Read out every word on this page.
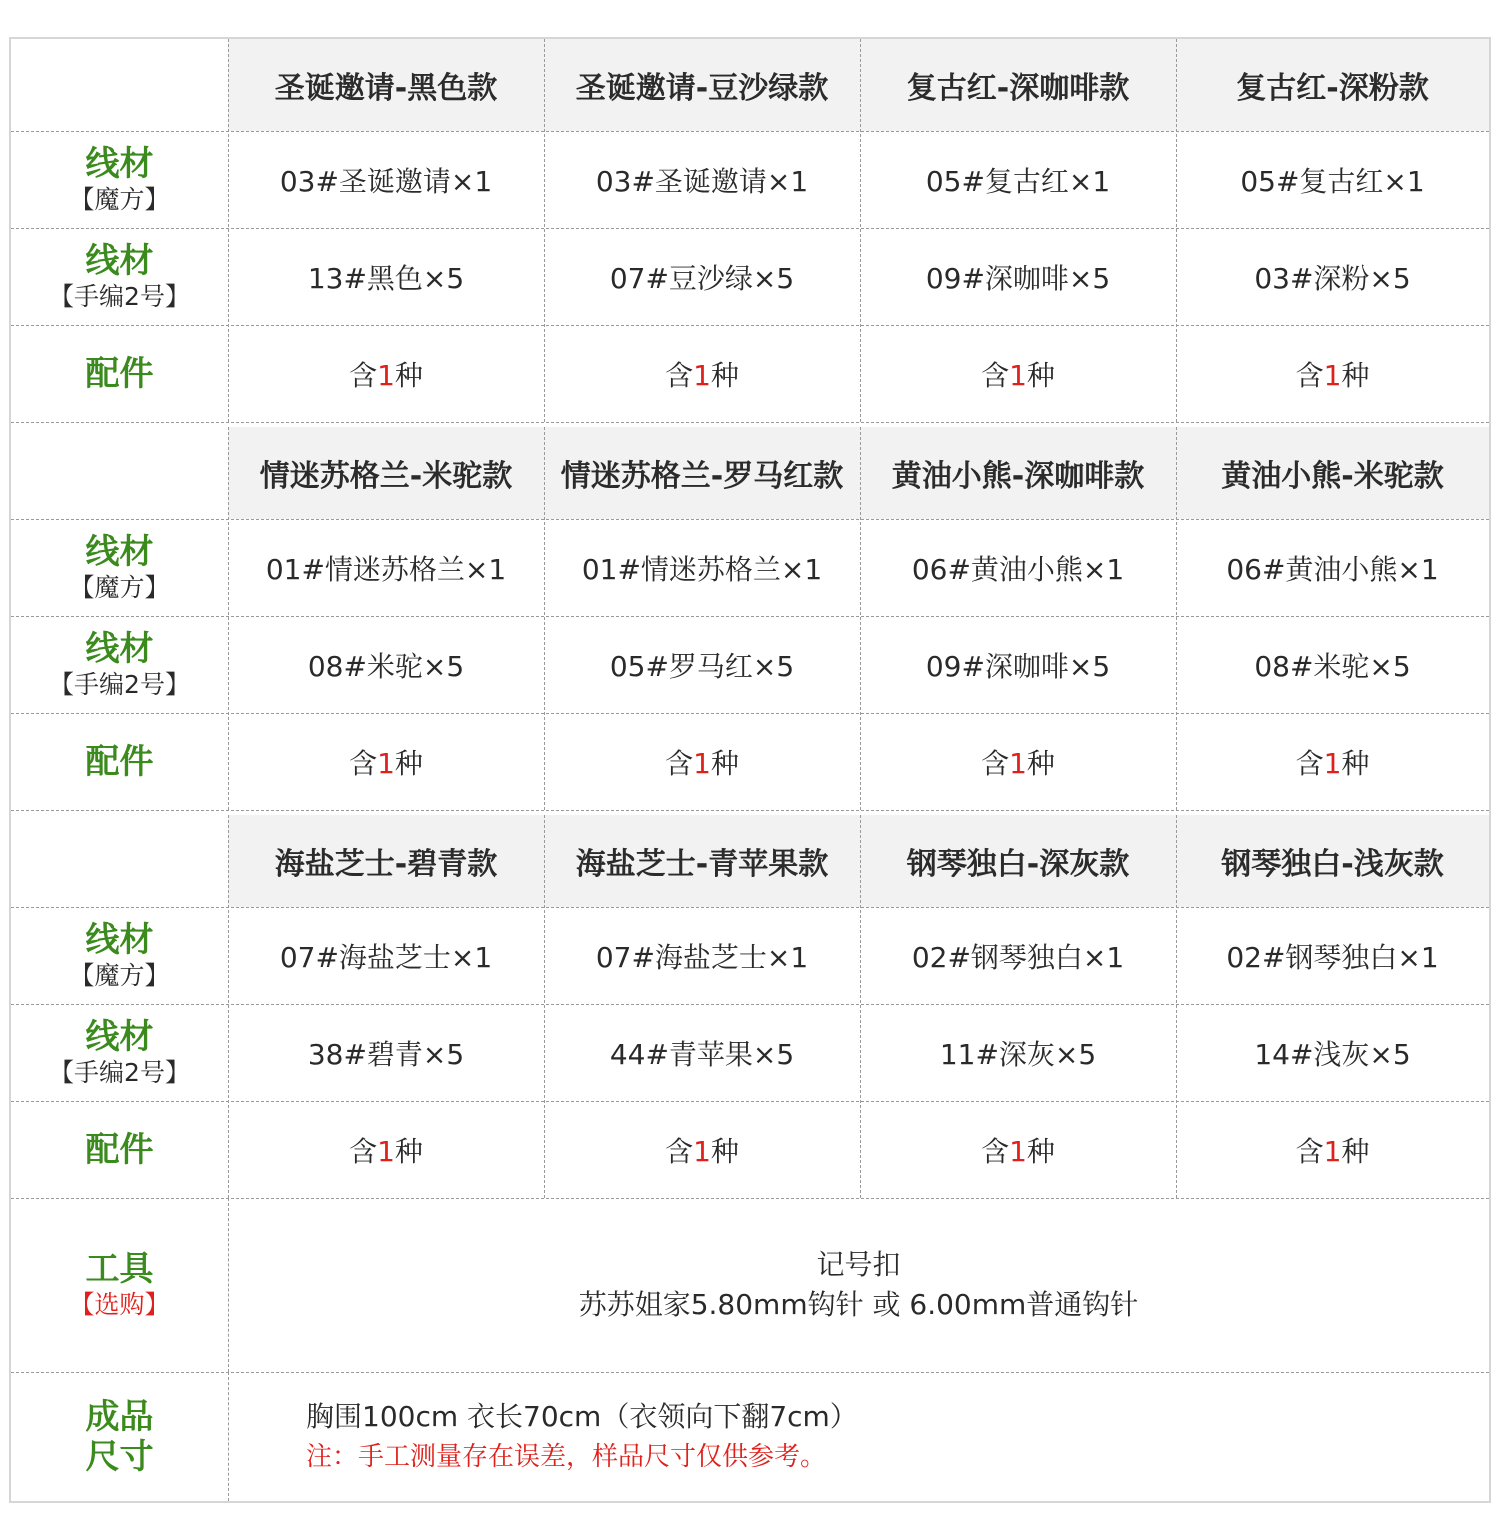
圣诞邀请-黑色款
03#圣诞邀请×1
13#黑色×5
含1种
圣诞邀请-豆沙绿款
03#圣诞邀请×1
07#豆沙绿×5
含1种
复古红-深咖啡款
05#复古红×1
09#深咖啡×5
含1种
复古红-深粉款
05#复古红×1
03#深粉×5
含1种
线材
【魔方】
线材
【手编2号】
配件
情迷苏格兰-米驼款
01#情迷苏格兰×1
08#米驼×5
含1种
情迷苏格兰-罗马红款
01#情迷苏格兰×1
05#罗马红×5
含1种
黄油小熊-深咖啡款
06#黄油小熊×1
09#深咖啡×5
含1种
黄油小熊-米驼款
06#黄油小熊×1
08#米驼×5
含1种
线材
【魔方】
线材
【手编2号】
配件
海盐芝士-碧青款
07#海盐芝士×1
38#碧青×5
含1种
海盐芝士-青苹果款
07#海盐芝士×1
44#青苹果×5
含1种
钢琴独白-深灰款
02#钢琴独白×1
11#深灰×5
含1种
钢琴独白-浅灰款
02#钢琴独白×1
14#浅灰×5
含1种
线材
【魔方】
线材
【手编2号】
配件
工具
【选购】
记号扣
苏苏姐家5.80mm钩针 或 6.00mm普通钩针
成品
尺寸
胸围100cm 衣长70cm（衣领向下翻7cm）
注：手工测量存在误差，样品尺寸仅供参考。
